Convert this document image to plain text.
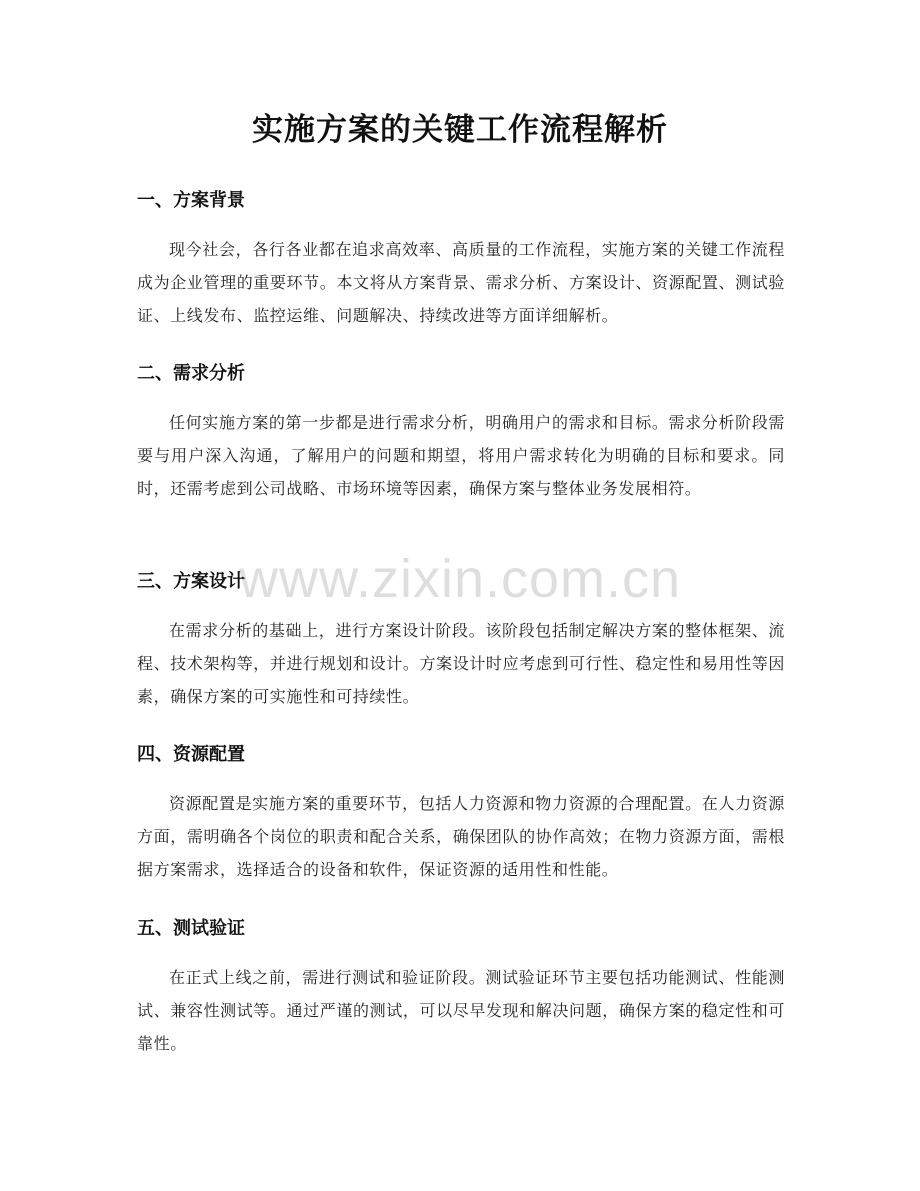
实施方案的关键工作流程解析
一、方案背景

现今社会，各行各业都在追求高效率、高质量的工作流程，实施方案的关键工作流程成为企业管理的重要环节。本文将从方案背景、需求分析、方案设计、资源配置、测试验证、上线发布、监控运维、问题解决、持续改进等方面详细解析。

二、需求分析

任何实施方案的第一步都是进行需求分析，明确用户的需求和目标。需求分析阶段需要与用户深入沟通，了解用户的问题和期望，将用户需求转化为明确的目标和要求。同时，还需考虑到公司战略、市场环境等因素，确保方案与整体业务发展相符。

三、方案设计

在需求分析的基础上，进行方案设计阶段。该阶段包括制定解决方案的整体框架、流程、技术架构等，并进行规划和设计。方案设计时应考虑到可行性、稳定性和易用性等因素，确保方案的可实施性和可持续性。

四、资源配置

资源配置是实施方案的重要环节，包括人力资源和物力资源的合理配置。在人力资源方面，需明确各个岗位的职责和配合关系，确保团队的协作高效；在物力资源方面，需根据方案需求，选择适合的设备和软件，保证资源的适用性和性能。

五、测试验证

在正式上线之前，需进行测试和验证阶段。测试验证环节主要包括功能测试、性能测试、兼容性测试等。通过严谨的测试，可以尽早发现和解决问题，确保方案的稳定性和可靠性。

www.zixin.com.cn
